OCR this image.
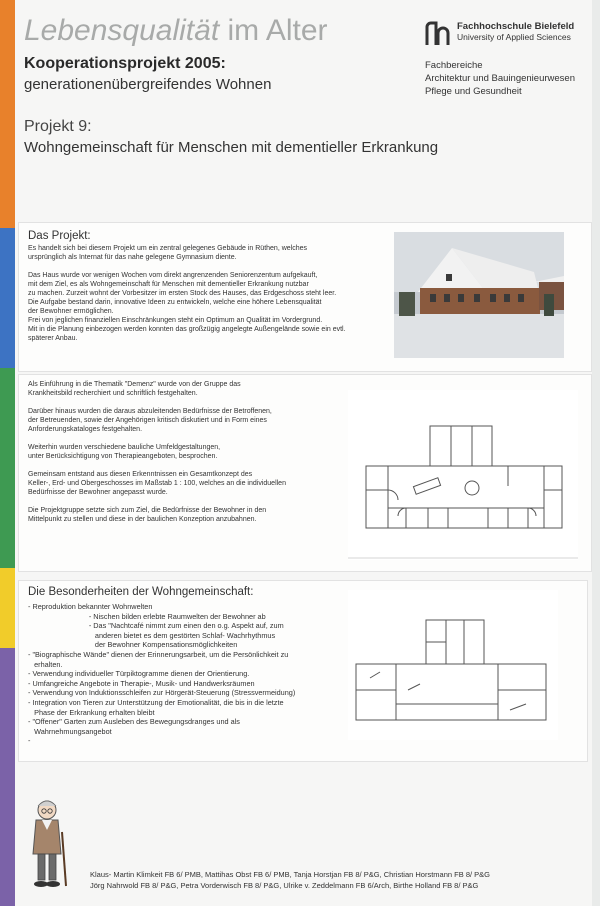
Lebensqualität im Alter
Kooperationsprojekt 2005:
generationenübergreifendes Wohnen
Projekt 9:
Wohngemeinschaft für Menschen mit dementieller Erkrankung
Fachhochschule Bielefeld
University of Applied Sciences
Fachbereiche
Architektur und Bauingenieurwesen
Pflege und Gesundheit
Das Projekt:
Es handelt sich bei diesem Projekt um ein zentral gelegenes Gebäude in Rüthen, welches
ursprünglich als Internat für das nahe gelegene Gymnasium diente.
Das Haus wurde vor wenigen Wochen vom direkt angrenzenden Seniorenzentum aufgekauft,
mit dem Ziel, es als Wohngemeinschaft für Menschen mit dementieller Erkrankung nutzbar
zu machen. Zurzeit wohnt der Vorbesitzer im ersten Stock des Hauses, das Erdgeschoss steht leer.
Die Aufgabe bestand darin, innovative Ideen zu entwickeln, welche eine höhere Lebensqualität
der Bewohner ermöglichen.
Frei von jeglichen finanziellen Einschränkungen steht ein Optimum an Qualität im Vordergrund.
Mit in die Planung einbezogen werden konnten das großzügig angelegte Außengelände sowie ein evtl.
späterer Anbau.
Als Einführung in die Thematik "Demenz" wurde von der Gruppe das
Krankheitsbild recherchiert und schriftlich festgehalten.
Darüber hinaus wurden die daraus abzuleitenden Bedürfnisse der Betroffenen,
der Betreuenden, sowie der Angehörigen kritisch diskutiert und in Form eines
Anforderungskataloges festgehalten.
Weiterhin wurden verschiedene bauliche Umfeldgestaltungen,
unter Berücksichtigung von Therapieangeboten, besprochen.
Gemeinsam entstand aus diesen Erkenntnissen ein Gesamtkonzept des
Keller-, Erd- und Obergeschosses im Maßstab 1 : 100, welches an die individuellen
Bedürfnisse der Bewohner angepasst wurde.
Die Projektgruppe setzte sich zum Ziel, die Bedürfnisse der Bewohner in den
Mittelpunkt zu stellen und diese in der baulichen Konzeption anzubahnen.
Die Besonderheiten der Wohngemeinschaft:
- Reproduktion bekannter Wohnwelten
- Nischen bilden erlebte Raumwelten der Bewohner ab
- Das "Nachtcafé nimmt zum einen den o.g. Aspekt auf, zum
anderen bietet es dem gestörten Schlaf- Wachrhythmus
der Bewohner Kompensationsmöglichkeiten
- "Biographische Wände" dienen der Erinnerungsarbeit, um die Persönlichkeit zu
erhalten.
- Verwendung individueller Türpiktogramme dienen der Orientierung.
- Umfangreiche Angebote in Therapie-, Musik- und Handwerksräumen
- Verwendung von Induktionsschleifen zur Hörgerät-Steuerung (Stressvermeidung)
- Integration von Tieren zur Unterstützung der Emotionalität, die bis in die letzte
Phase der Erkrankung erhalten bleibt
- "Offener" Garten zum Ausleben des Bewegungsdranges und als
Wahrnehmungsangebot
-
Klaus- Martin Klimkeit FB 6/ PMB, Mattihas Obst FB 6/ PMB, Tanja Horstjan FB 8/ P&G, Christian Horstmann FB 8/ P&G
Jörg Nahrwold FB 8/ P&G, Petra Vorderwisch FB 8/ P&G, Ulrike v. Zeddelmann FB 6/Arch, Birthe Holland FB 8/ P&G
